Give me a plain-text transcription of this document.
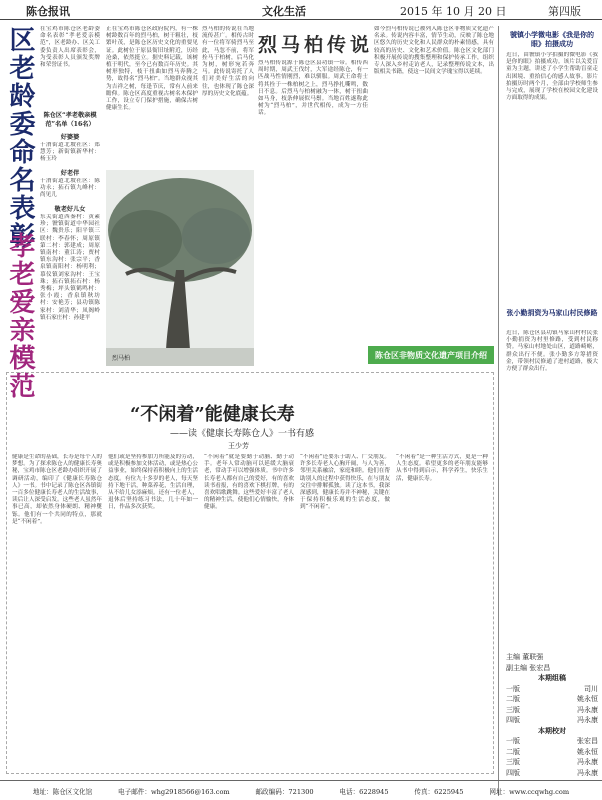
陈仓报讯	文化生活	2015 年 10 月 20 日	第四版
区老龄委命名表彰
孝老爱亲模范
在宝鸡市陈仓区老龄委命名表彰“孝老爱亲模范”，区老龄办、区关工委负责人出席表彰会，为受表彰人员颁发奖牌和荣誉证书。
陈仓区“孝老敬亲模范”名单（16名）
好婆婆
千渭街道北坡社区：郑慧芳；新街镇新华村：杨玉玲
好老伴
千渭街道北坡社区：陈功永；拓石镇九峰村：尚见儿
敬老好儿女
东关街道西秦村：黄素珍；虢镇街道中华园社区：魏贵乐；阳平镇三联村：李春怀；周原镇第二村：郭建成；周原镇南村：董江涛；贾村镇东沟村：张宗平；香泉镇南阳村：杨明利；慕仪镇刘家沟村：王宝珠；拓石镇拓石村：杨秀梅；坪头镇鹤鸣村：张小霞；香泉镇秋坊村：安艳芳；县功镇陈家村：刘清华；凤阁岭镇石家庄村：孙建平
正在宝鸡市陈仓区政府院内，有一株树龄数百年的烈马柏，树干粗壮，枝繁叶茂，是陈仓区历史文化的重要见证。此树位于原县衙旧址附近，历经沧桑，依然挺立。据史料记载，该树植于明代，至今已有数百年历史。其树形独特，枝干扭曲如烈马奔腾之势，故得名“烈马柏”。当地群众视其为吉祥之树，每逢节庆，常有人前来瞻仰。陈仓区高度重视古树名木保护工作，设立专门保护措施，确保古树健康生长。
烈马柏
烈马柏传说
烈马柏传说源于陈仓区县功镇一带。相传西周时期，周武王伐纣，大军途经陈仓，有一匹战马性情刚烈，难以驯服。周武王命将士将其拴于一株柏树之上，烈马挣扎嘶鸣，数日不息。后烈马与柏树融为一体，树干扭曲如马身，枝条伸展似马鬃。当地百姓遂称此树为“烈马柏”，并世代相传，成为一方佳话。
如今烈马柏传说已被列入陈仓区非物质文化遗产名录。传说内容丰富，情节生动，反映了陈仓地区悠久的历史文化和人民群众的朴素情感，具有较高的历史、文化和艺术价值。陈仓区文化部门积极开展传说的搜集整理和保护传承工作，组织专人深入乡村走访老人，记录整理传说文本，出版相关书籍，使这一民间文学瑰宝得以延续。
烈马柏的传说在当地流传甚广。相传古时有一位将军骑烈马至此，马忽不前，将军拴马于柏树，后马化为树，树形宛若奔马。此传说寄托了人们对美好生活的向往，也体现了陈仓深厚的历史文化底蕴。
陈仓区非物质文化遗产项目介绍
虢镇小学微电影《我是你的眼》拍摄成功
近日，由虢镇小学拍摄的微电影《我是你的眼》拍摄成功。该片以关爱盲童为主题，讲述了小学生帮助盲童走出困境、重拾信心的感人故事。影片拍摄历时两个月，全部由学校师生参与完成，展现了学校在校园文化建设方面取得的成果。
张小勤捐资为马家山村民修路
近日，陈仓区县功镇马家山村村民张小勤捐资为村里修路，受到村民称赞。马家山村地处山区，道路崎岖，群众出行不便。张小勤多方筹措资金，带领村民修通了进村道路，极大方便了群众出行。
主编 董联强
副主编 张宏昌
本期组稿
一版	司川
二版	姚永恒
三版	冯永康
四版	冯永康
本期校对
一版	张宏昌
二版	姚永恒
三版	冯永康
四版	冯永康
“不闲着”能健康长寿
——读《健康长寿陈仓人》一书有感
王少芳
健康是生命的基础，长寿是每个人的梦想。为了探求陈仓人的健康长寿奥秘，宝鸡市陈仓区老龄办组织开展了调研活动，编印了《健康长寿陈仓人》一书。书中记录了陈仓区各镇街一百多位健康长寿老人的生活故事，读后让人深受启发。这些老人虽然年事已高，却依然身体硬朗、精神矍铄。他们有一个共同的特点，那就是“不闲着”。
他们或是坚持参加力所能及的劳动，或是积极参加文体活动，或是热心公益事业，始终保持着积极向上的生活态度。有位九十多岁的老人，每天坚持下地干活，种菜养花，生活自理，从不给儿女添麻烦。还有一位老人，退休后坚持练习书法，几十年如一日，作品多次获奖。
“不闲着”就是要勤于动脑、勤于动手。老年人常动脑可以延缓大脑衰老，常动手可以增强体质。书中许多长寿老人都有自己的爱好，有的喜欢读书看报，有的喜欢下棋打牌，有的喜欢唱歌跳舞。这些爱好丰富了老人的精神生活，使他们心情愉快，身体健康。
“不闲着”还要乐于助人、广交朋友。许多长寿老人心胸开阔，与人为善，邻里关系融洽，家庭和睦。他们在帮助别人的过程中获得快乐，在与朋友交往中排解孤独。读了这本书，我深深感到，健康长寿并不神秘，关键在于保持积极乐观的生活态度，做到“不闲着”。
“不闲着”是一种生活方式，更是一种人生态度。希望更多的老年朋友能够从书中得到启示，科学养生，快乐生活，健康长寿。
地址：陈仓区文化馆	电子邮件：whg2918566@163.com	邮政编码：721300	电话：6228945	传真：6225945	网址：www.ccqwhg.com
